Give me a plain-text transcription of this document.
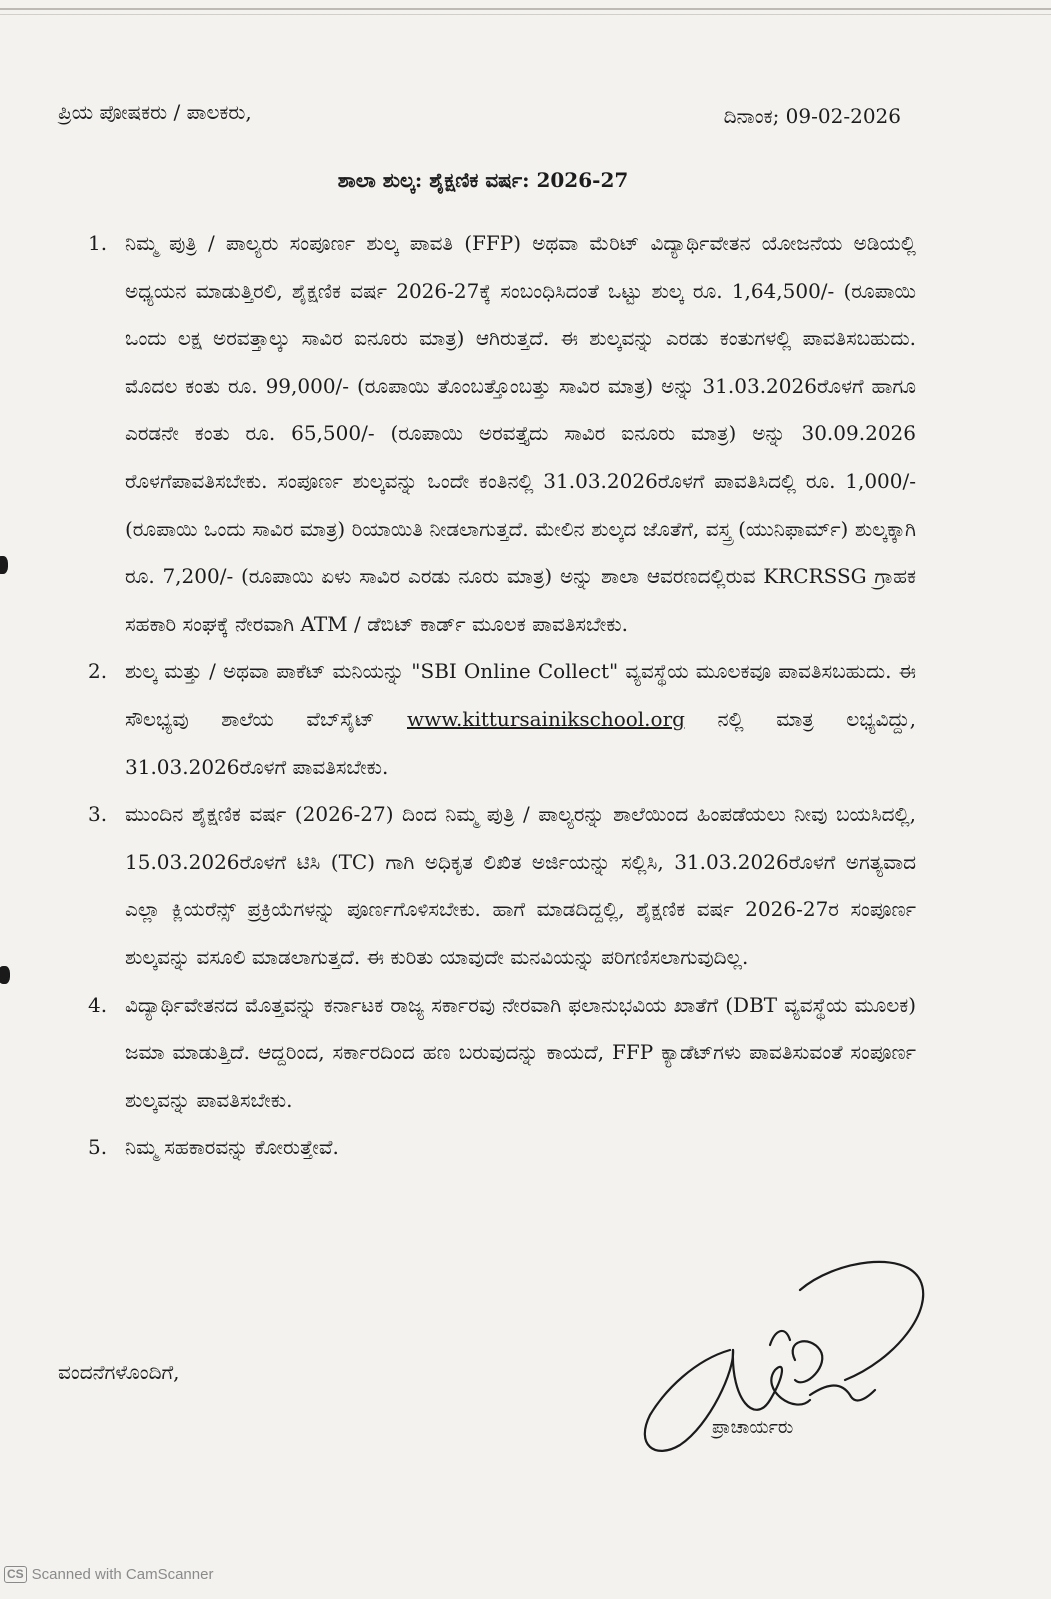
ಪ್ರಿಯ ಪೋಷಕರು / ಪಾಲಕರು,	ದಿನಾಂಕ; 09-02-2026
ಶಾಲಾ ಶುಲ್ಕ: ಶೈಕ್ಷಣಿಕ ವರ್ಷ: 2026-27
1. ನಿಮ್ಮ ಪುತ್ರಿ / ಪಾಲ್ಯರು ಸಂಪೂರ್ಣ ಶುಲ್ಕ ಪಾವತಿ (FFP) ಅಥವಾ ಮೆರಿಟ್ ವಿದ್ಯಾರ್ಥಿವೇತನ ಯೋಜನೆಯ ಅಡಿಯಲ್ಲಿ ಅಧ್ಯಯನ ಮಾಡುತ್ತಿರಲಿ, ಶೈಕ್ಷಣಿಕ ವರ್ಷ 2026-27ಕ್ಕೆ ಸಂಬಂಧಿಸಿದಂತೆ ಒಟ್ಟು ಶುಲ್ಕ ರೂ. 1,64,500/- (ರೂಪಾಯಿ ಒಂದು ಲಕ್ಷ ಅರವತ್ತಾಲ್ಕು ಸಾವಿರ ಐನೂರು ಮಾತ್ರ) ಆಗಿರುತ್ತದೆ. ಈ ಶುಲ್ಕವನ್ನು ಎರಡು ಕಂತುಗಳಲ್ಲಿ ಪಾವತಿಸಬಹುದು. ಮೊದಲ ಕಂತು ರೂ. 99,000/- (ರೂಪಾಯಿ ತೊಂಬತ್ತೊಂಬತ್ತು ಸಾವಿರ ಮಾತ್ರ) ಅನ್ನು 31.03.2026ರೊಳಗೆ ಹಾಗೂ ಎರಡನೇ ಕಂತು ರೂ. 65,500/- (ರೂಪಾಯಿ ಅರವತ್ತೈದು ಸಾವಿರ ಐನೂರು ಮಾತ್ರ) ಅನ್ನು 30.09.2026 ರೊಳಗೆಪಾವತಿಸಬೇಕು. ಸಂಪೂರ್ಣ ಶುಲ್ಕವನ್ನು ಒಂದೇ ಕಂತಿನಲ್ಲಿ 31.03.2026ರೊಳಗೆ ಪಾವತಿಸಿದಲ್ಲಿ ರೂ. 1,000/- (ರೂಪಾಯಿ ಒಂದು ಸಾವಿರ ಮಾತ್ರ) ರಿಯಾಯಿತಿ ನೀಡಲಾಗುತ್ತದೆ. ಮೇಲಿನ ಶುಲ್ಕದ ಜೊತೆಗೆ, ವಸ್ತ್ರ (ಯುನಿಫಾರ್ಮ್) ಶುಲ್ಕಕ್ಕಾಗಿ ರೂ. 7,200/- (ರೂಪಾಯಿ ಏಳು ಸಾವಿರ ಎರಡು ನೂರು ಮಾತ್ರ) ಅನ್ನು ಶಾಲಾ ಆವರಣದಲ್ಲಿರುವ KRCRSSG ಗ್ರಾಹಕ ಸಹಕಾರಿ ಸಂಘಕ್ಕೆ ನೇರವಾಗಿ ATM / ಡೆಬಿಟ್ ಕಾರ್ಡ್ ಮೂಲಕ ಪಾವತಿಸಬೇಕು.
2. ಶುಲ್ಕ ಮತ್ತು / ಅಥವಾ ಪಾಕೆಟ್ ಮನಿಯನ್ನು "SBI Online Collect" ವ್ಯವಸ್ಥೆಯ ಮೂಲಕವೂ ಪಾವತಿಸಬಹುದು. ಈ ಸೌಲಭ್ಯವು ಶಾಲೆಯ ವೆಬ್‌ಸೈಟ್ www.kittursainikschool.org ನಲ್ಲಿ ಮಾತ್ರ ಲಭ್ಯವಿದ್ದು, 31.03.2026ರೊಳಗೆ ಪಾವತಿಸಬೇಕು.
3. ಮುಂದಿನ ಶೈಕ್ಷಣಿಕ ವರ್ಷ (2026-27) ದಿಂದ ನಿಮ್ಮ ಪುತ್ರಿ / ಪಾಲ್ಯರನ್ನು ಶಾಲೆಯಿಂದ ಹಿಂಪಡೆಯಲು ನೀವು ಬಯಸಿದಲ್ಲಿ, 15.03.2026ರೊಳಗೆ ಟಿಸಿ (TC) ಗಾಗಿ ಅಧಿಕೃತ ಲಿಖಿತ ಅರ್ಜಿಯನ್ನು ಸಲ್ಲಿಸಿ, 31.03.2026ರೊಳಗೆ ಅಗತ್ಯವಾದ ಎಲ್ಲಾ ಕ್ಲಿಯರೆನ್ಸ್ ಪ್ರಕ್ರಿಯೆಗಳನ್ನು ಪೂರ್ಣಗೊಳಿಸಬೇಕು. ಹಾಗೆ ಮಾಡದಿದ್ದಲ್ಲಿ, ಶೈಕ್ಷಣಿಕ ವರ್ಷ 2026-27ರ ಸಂಪೂರ್ಣ ಶುಲ್ಕವನ್ನು ವಸೂಲಿ ಮಾಡಲಾಗುತ್ತದೆ. ಈ ಕುರಿತು ಯಾವುದೇ ಮನವಿಯನ್ನು ಪರಿಗಣಿಸಲಾಗುವುದಿಲ್ಲ.
4. ವಿದ್ಯಾರ್ಥಿವೇತನದ ಮೊತ್ತವನ್ನು ಕರ್ನಾಟಕ ರಾಜ್ಯ ಸರ್ಕಾರವು ನೇರವಾಗಿ ಫಲಾನುಭವಿಯ ಖಾತೆಗೆ (DBT ವ್ಯವಸ್ಥೆಯ ಮೂಲಕ) ಜಮಾ ಮಾಡುತ್ತಿದೆ. ಆದ್ದರಿಂದ, ಸರ್ಕಾರದಿಂದ ಹಣ ಬರುವುದನ್ನು ಕಾಯದೆ, FFP ಕ್ಯಾಡೆಟ್‌ಗಳು ಪಾವತಿಸುವಂತೆ ಸಂಪೂರ್ಣ ಶುಲ್ಕವನ್ನು ಪಾವತಿಸಬೇಕು.
5. ನಿಮ್ಮ ಸಹಕಾರವನ್ನು ಕೋರುತ್ತೇವೆ.
ವಂದನೆಗಳೊಂದಿಗೆ,
ಪ್ರಾಚಾರ್ಯರು
CS Scanned with CamScanner
